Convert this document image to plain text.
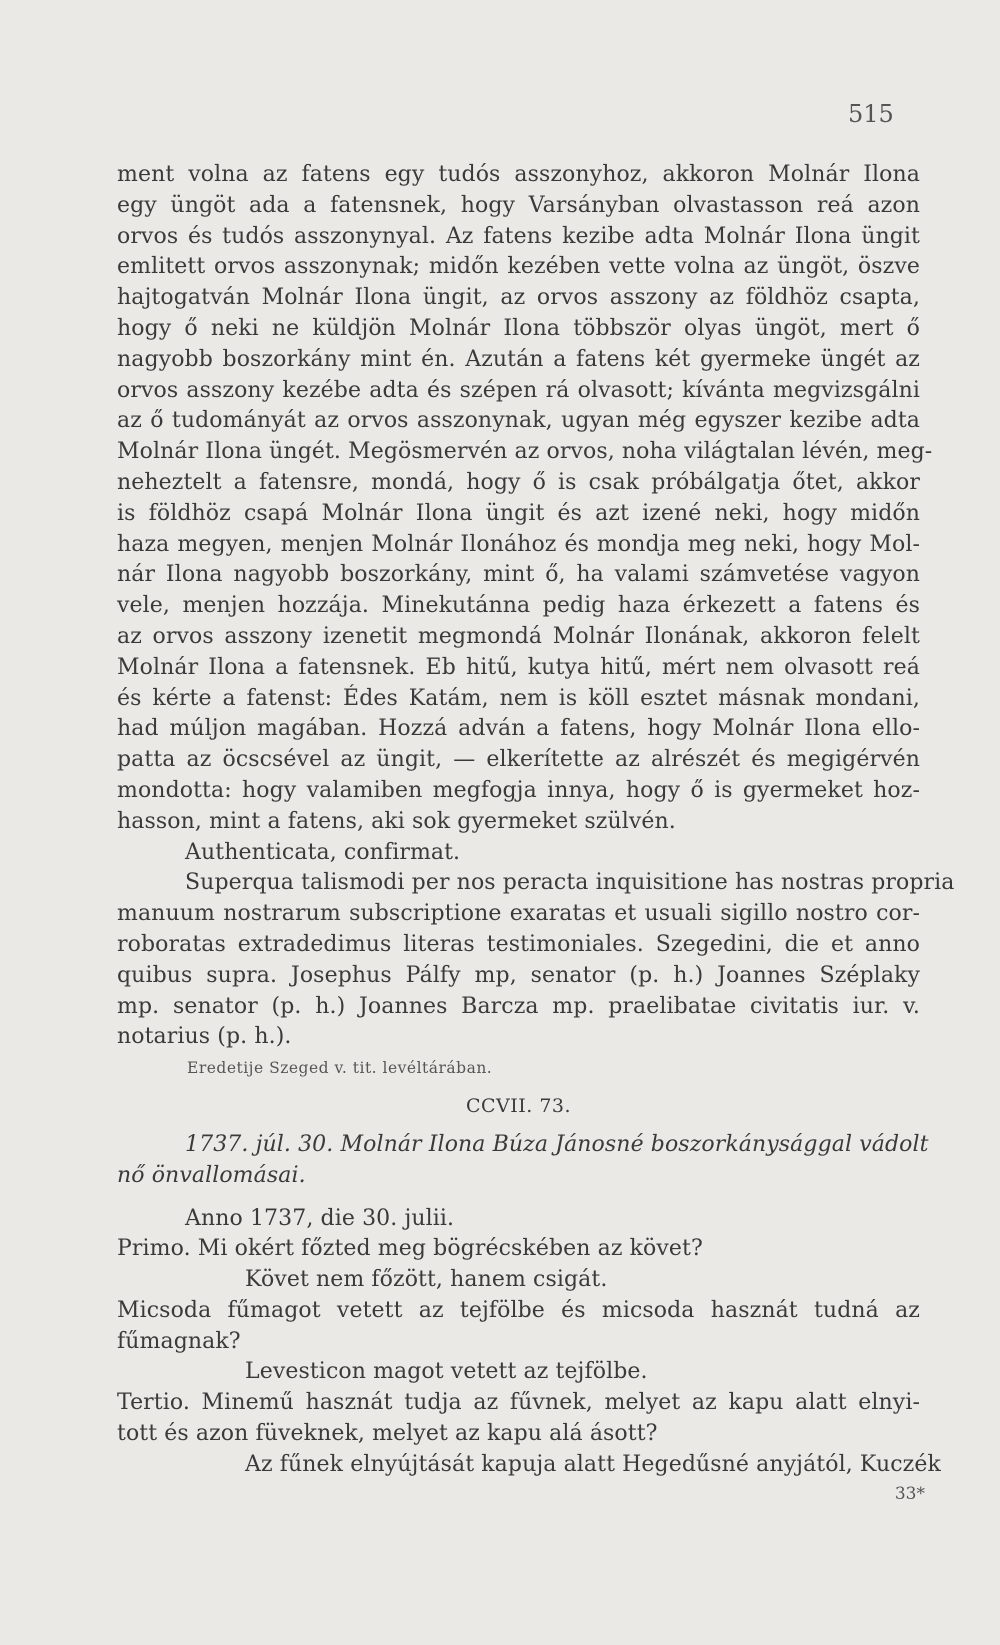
515
ment volna az fatens egy tudós asszonyhoz, akkoron Molnár Ilona
egy üngöt ada a fatensnek, hogy Varsányban olvastasson reá azon
orvos és tudós asszonynyal. Az fatens kezibe adta Molnár Ilona üngit
emlitett orvos asszonynak; midőn kezében vette volna az üngöt, öszve
hajtogatván Molnár Ilona üngit, az orvos asszony az földhöz csapta,
hogy ő neki ne küldjön Molnár Ilona többször olyas üngöt, mert ő
nagyobb boszorkány mint én. Azután a fatens két gyermeke üngét az
orvos asszony kezébe adta és szépen rá olvasott; kívánta megvizsgálni
az ő tudományát az orvos asszonynak, ugyan még egyszer kezibe adta
Molnár Ilona üngét. Megösmervén az orvos, noha világtalan lévén, meg-
neheztelt a fatensre, mondá, hogy ő is csak próbálgatja őtet, akkor
is földhöz csapá Molnár Ilona üngit és azt izené neki, hogy midőn
haza megyen, menjen Molnár Ilonához és mondja meg neki, hogy Mol-
nár Ilona nagyobb boszorkány, mint ő, ha valami számvetése vagyon
vele, menjen hozzája. Minekutánna pedig haza érkezett a fatens és
az orvos asszony izenetit megmondá Molnár Ilonának, akkoron felelt
Molnár Ilona a fatensnek. Eb hitű, kutya hitű, mért nem olvasott reá
és kérte a fatenst: Édes Katám, nem is köll esztet másnak mondani,
had múljon magában. Hozzá adván a fatens, hogy Molnár Ilona ello-
patta az öcscsével az üngit, — elkerítette az alrészét és megigérvén
mondotta: hogy valamiben megfogja innya, hogy ő is gyermeket hoz-
hasson, mint a fatens, aki sok gyermeket szülvén.
Authenticata, confirmat.
Superqua talismodi per nos peracta inquisitione has nostras propria
manuum nostrarum subscriptione exaratas et usuali sigillo nostro cor-
roboratas extradedimus literas testimoniales. Szegedini, die et anno
quibus supra. Josephus Pálfy mp, senator (p. h.) Joannes Széplaky
mp. senator (p. h.) Joannes Barcza mp. praelibatae civitatis iur. v.
notarius (p. h.).
Eredetije Szeged v. tit. levéltárában.
CCVII. 73.
1737. júl. 30. Molnár Ilona Búza Jánosné boszorkánysággal vádolt
nő önvallomásai.
Anno 1737, die 30. julii.
Primo. Mi okért főzted meg bögrécskében az követ?
Követ nem főzött, hanem csigát.
Micsoda fűmagot vetett az tejfölbe és micsoda hasznát tudná az
fűmagnak?
Levesticon magot vetett az tejfölbe.
Tertio. Minemű hasznát tudja az fűvnek, melyet az kapu alatt elnyi-
tott és azon füveknek, melyet az kapu alá ásott?
Az fűnek elnyújtását kapuja alatt Hegedűsné anyjától, Kuczék
33*
